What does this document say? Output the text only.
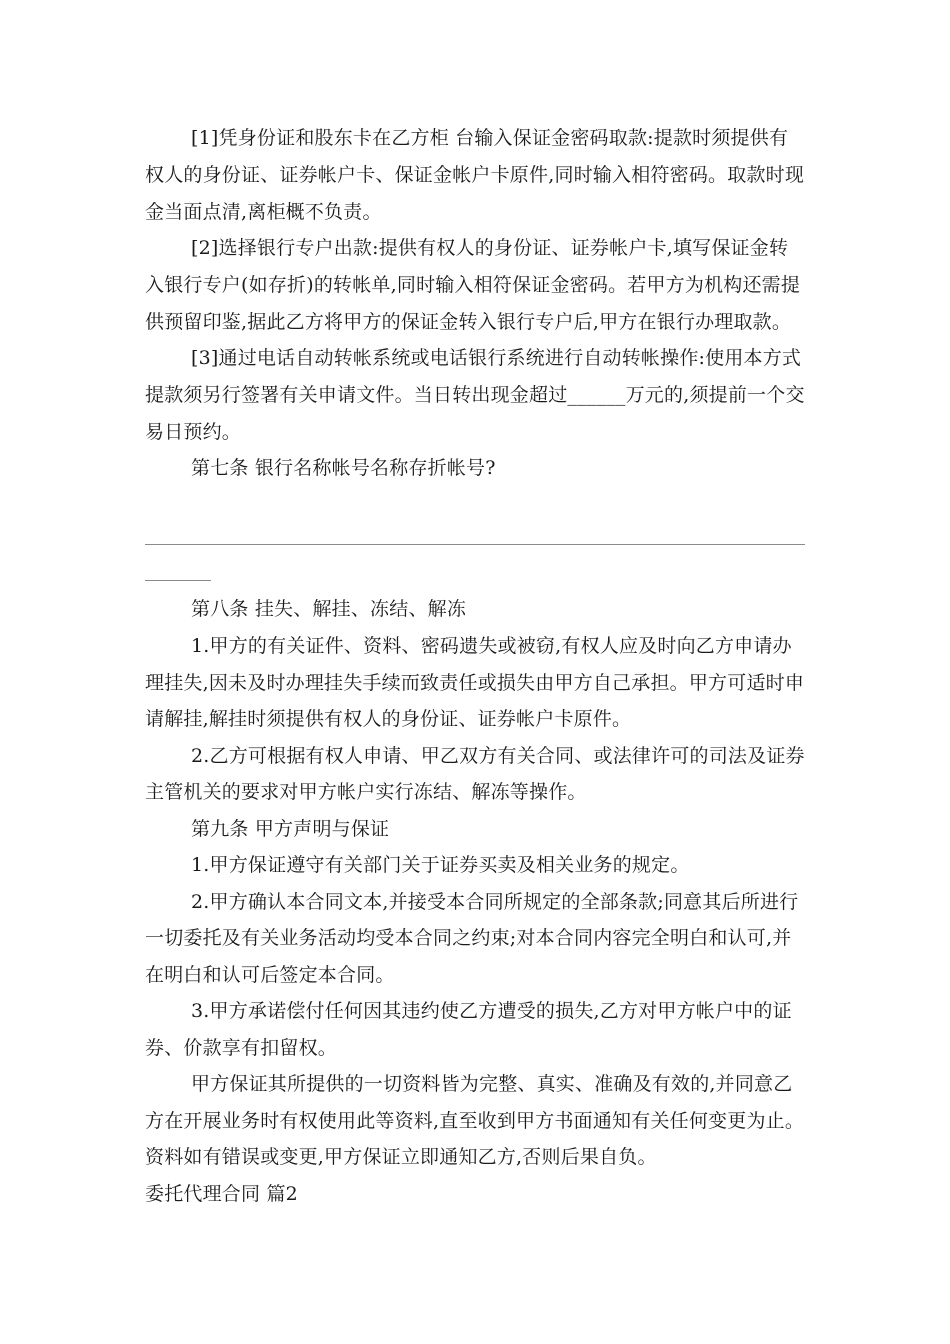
[1]凭身份证和股东卡在乙方柜 台输入保证金密码取款:提款时须提供有
权人的身份证、证券帐户卡、保证金帐户卡原件,同时输入相符密码。取款时现
金当面点清,离柜概不负责。
[2]选择银行专户出款:提供有权人的身份证、证券帐户卡,填写保证金转
入银行专户(如存折)的转帐单,同时输入相符保证金密码。若甲方为机构还需提
供预留印鉴,据此乙方将甲方的保证金转入银行专户后,甲方在银行办理取款。
[3]通过电话自动转帐系统或电话银行系统进行自动转帐操作:使用本方式
提款须另行签署有关申请文件。当日转出现金超过______万元的,须提前一个交
易日预约。
第七条 银行名称帐号名称存折帐号?
第八条 挂失、解挂、冻结、解冻
1.甲方的有关证件、资料、密码遗失或被窃,有权人应及时向乙方申请办
理挂失,因未及时办理挂失手续而致责任或损失由甲方自己承担。甲方可适时申
请解挂,解挂时须提供有权人的身份证、证券帐户卡原件。
2.乙方可根据有权人申请、甲乙双方有关合同、或法律许可的司法及证券
主管机关的要求对甲方帐户实行冻结、解冻等操作。
第九条 甲方声明与保证
1.甲方保证遵守有关部门关于证券买卖及相关业务的规定。
2.甲方确认本合同文本,并接受本合同所规定的全部条款;同意其后所进行
一切委托及有关业务活动均受本合同之约束;对本合同内容完全明白和认可,并
在明白和认可后签定本合同。
3.甲方承诺偿付任何因其违约使乙方遭受的损失,乙方对甲方帐户中的证
券、价款享有扣留权。
甲方保证其所提供的一切资料皆为完整、真实、准确及有效的,并同意乙
方在开展业务时有权使用此等资料,直至收到甲方书面通知有关任何变更为止。
资料如有错误或变更,甲方保证立即通知乙方,否则后果自负。
委托代理合同 篇2
